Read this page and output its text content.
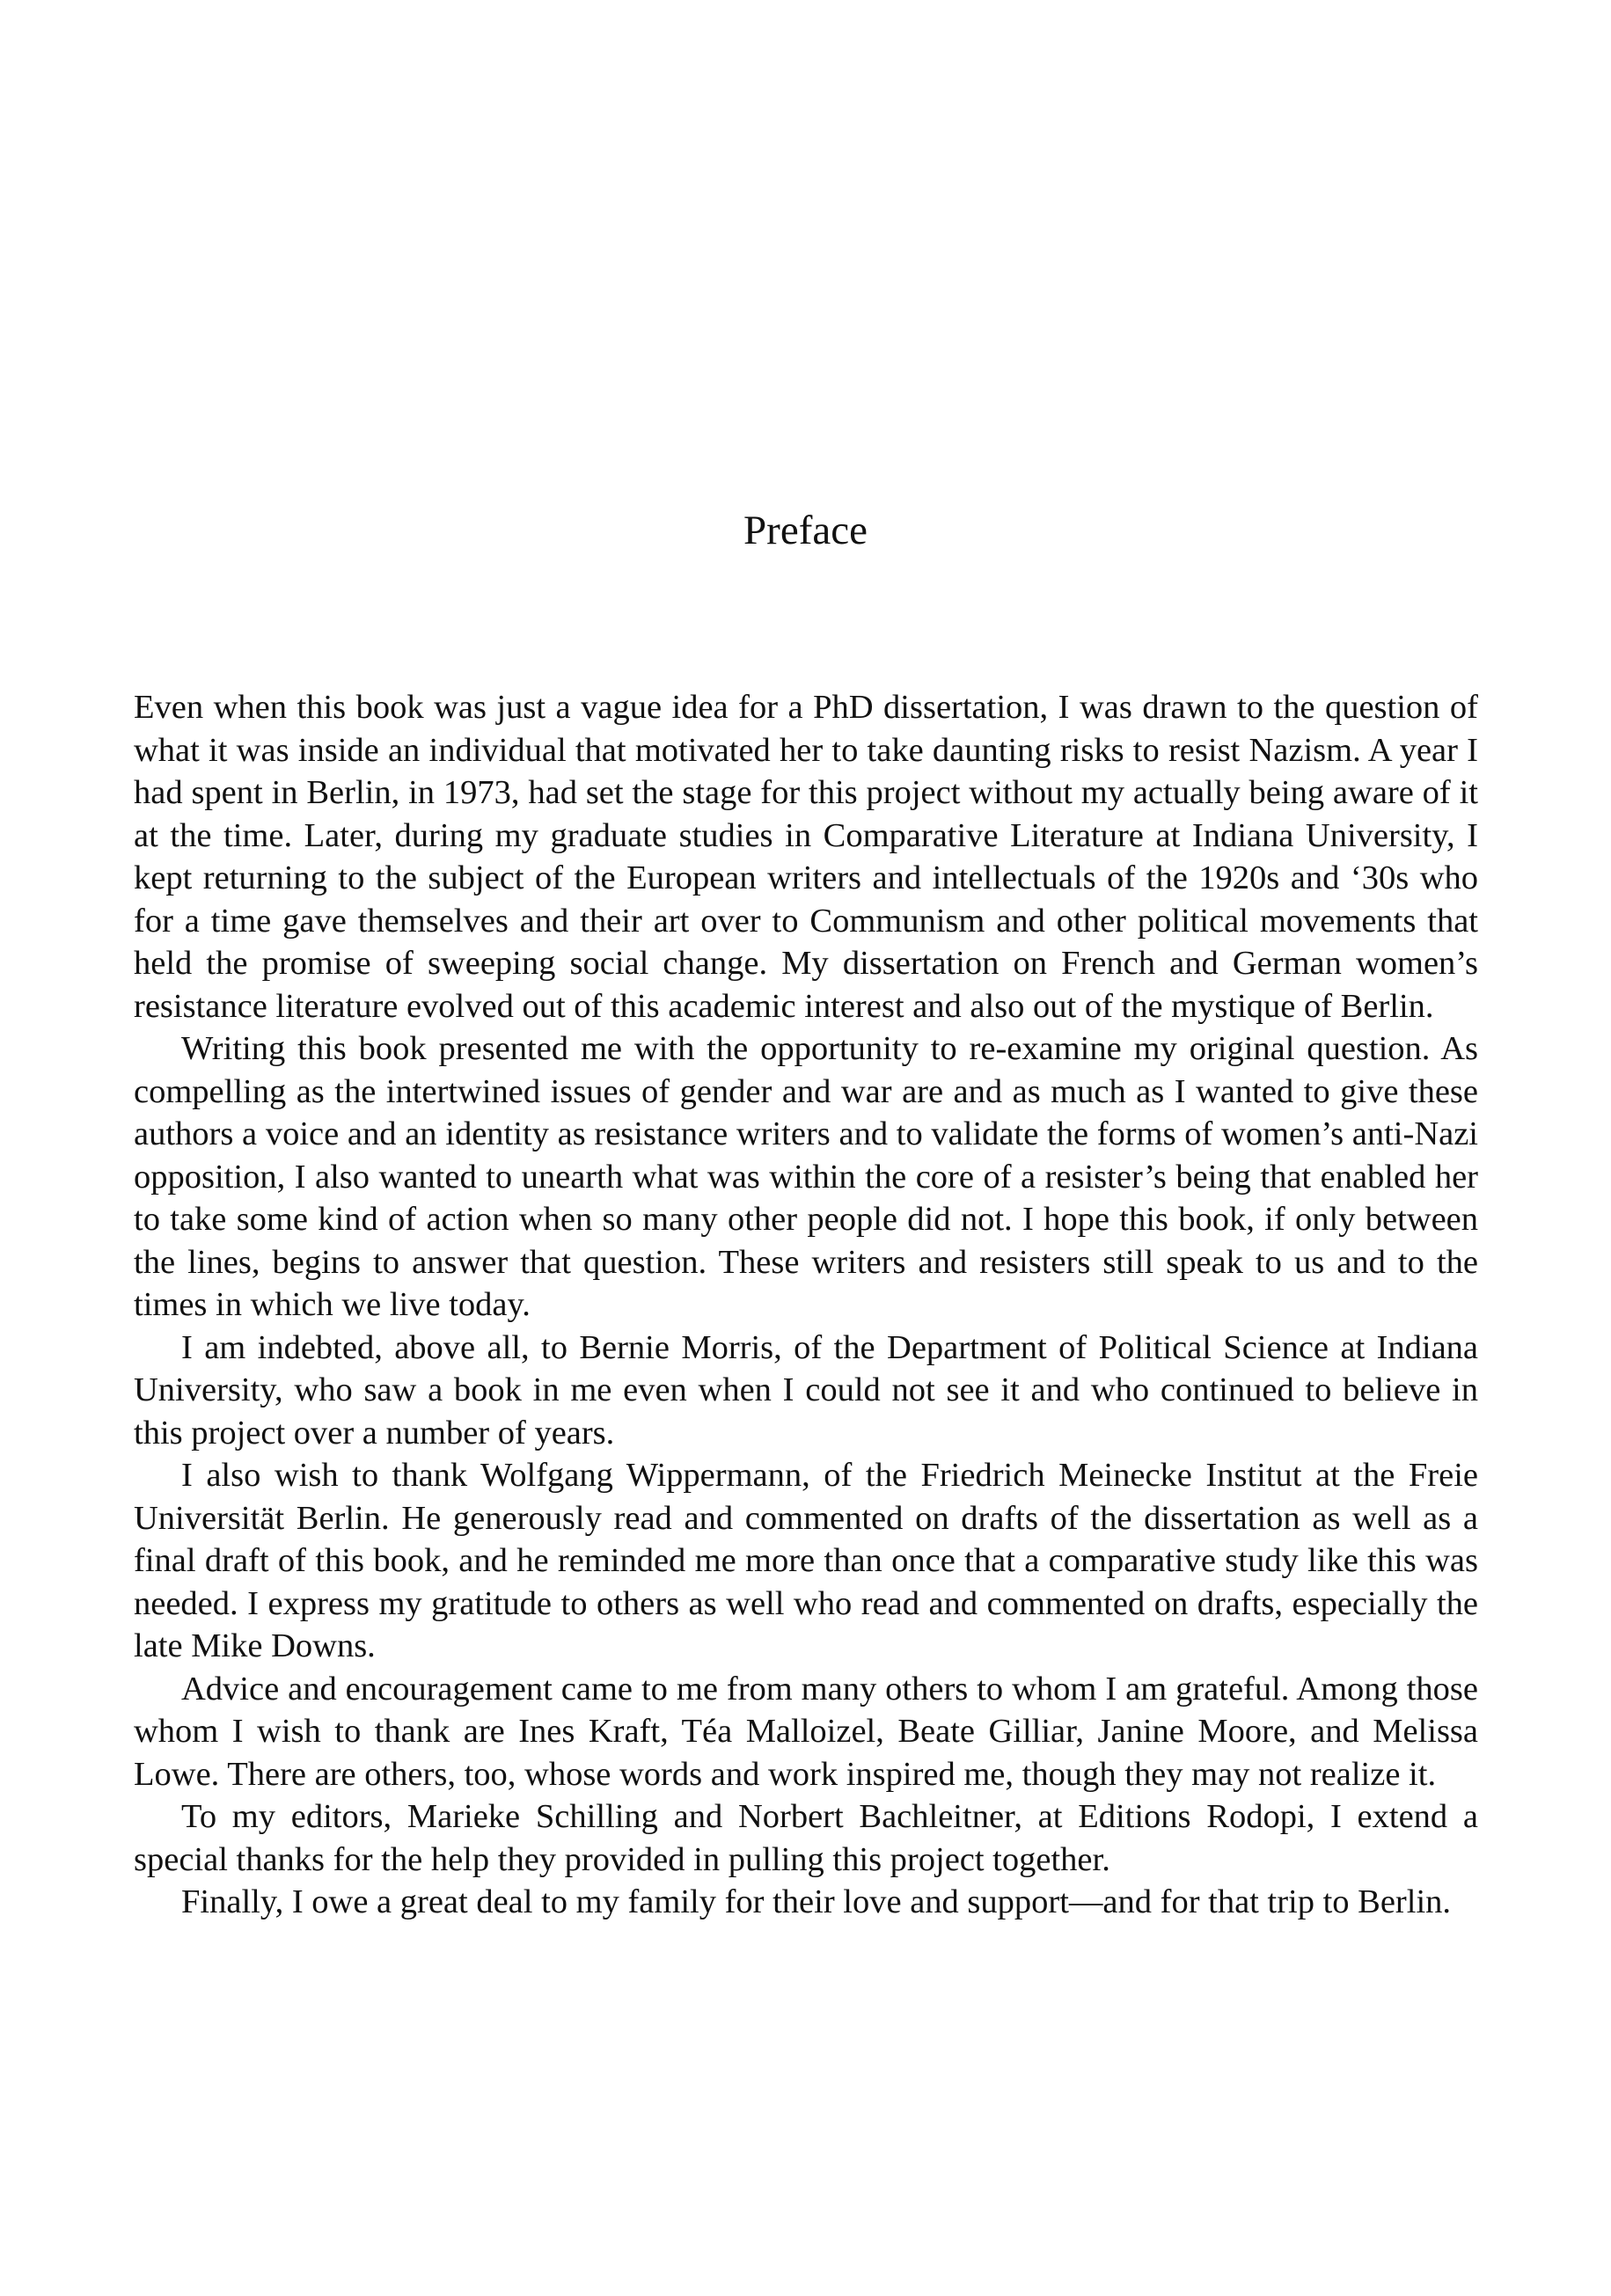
Preface

Even when this book was just a vague idea for a PhD dissertation, I was drawn to the question of what it was inside an individual that motivated her to take daunting risks to resist Nazism. A year I had spent in Berlin, in 1973, had set the stage for this project without my actually being aware of it at the time. Later, during my graduate studies in Comparative Literature at Indiana University, I kept returning to the subject of the European writers and intellectuals of the 1920s and ‘30s who for a time gave themselves and their art over to Communism and other political movements that held the promise of sweeping social change. My dissertation on French and German women’s resistance literature evolved out of this academic interest and also out of the mystique of Berlin.

Writing this book presented me with the opportunity to re-examine my original question. As compelling as the intertwined issues of gender and war are and as much as I wanted to give these authors a voice and an identity as resistance writers and to validate the forms of women’s anti-Nazi opposition, I also wanted to unearth what was within the core of a resister’s being that enabled her to take some kind of action when so many other people did not. I hope this book, if only between the lines, begins to answer that question. These writers and resisters still speak to us and to the times in which we live today.

I am indebted, above all, to Bernie Morris, of the Department of Political Science at Indiana University, who saw a book in me even when I could not see it and who continued to believe in this project over a number of years.

I also wish to thank Wolfgang Wippermann, of the Friedrich Meinecke Institut at the Freie Universität Berlin. He generously read and commented on drafts of the dissertation as well as a final draft of this book, and he reminded me more than once that a comparative study like this was needed. I express my gratitude to others as well who read and commented on drafts, especially the late Mike Downs.

Advice and encouragement came to me from many others to whom I am grateful. Among those whom I wish to thank are Ines Kraft, Téa Malloizel, Beate Gilliar, Janine Moore, and Melissa Lowe. There are others, too, whose words and work inspired me, though they may not realize it.

To my editors, Marieke Schilling and Norbert Bachleitner, at Editions Rodopi, I extend a special thanks for the help they provided in pulling this project together.

Finally, I owe a great deal to my family for their love and support—and for that trip to Berlin.
